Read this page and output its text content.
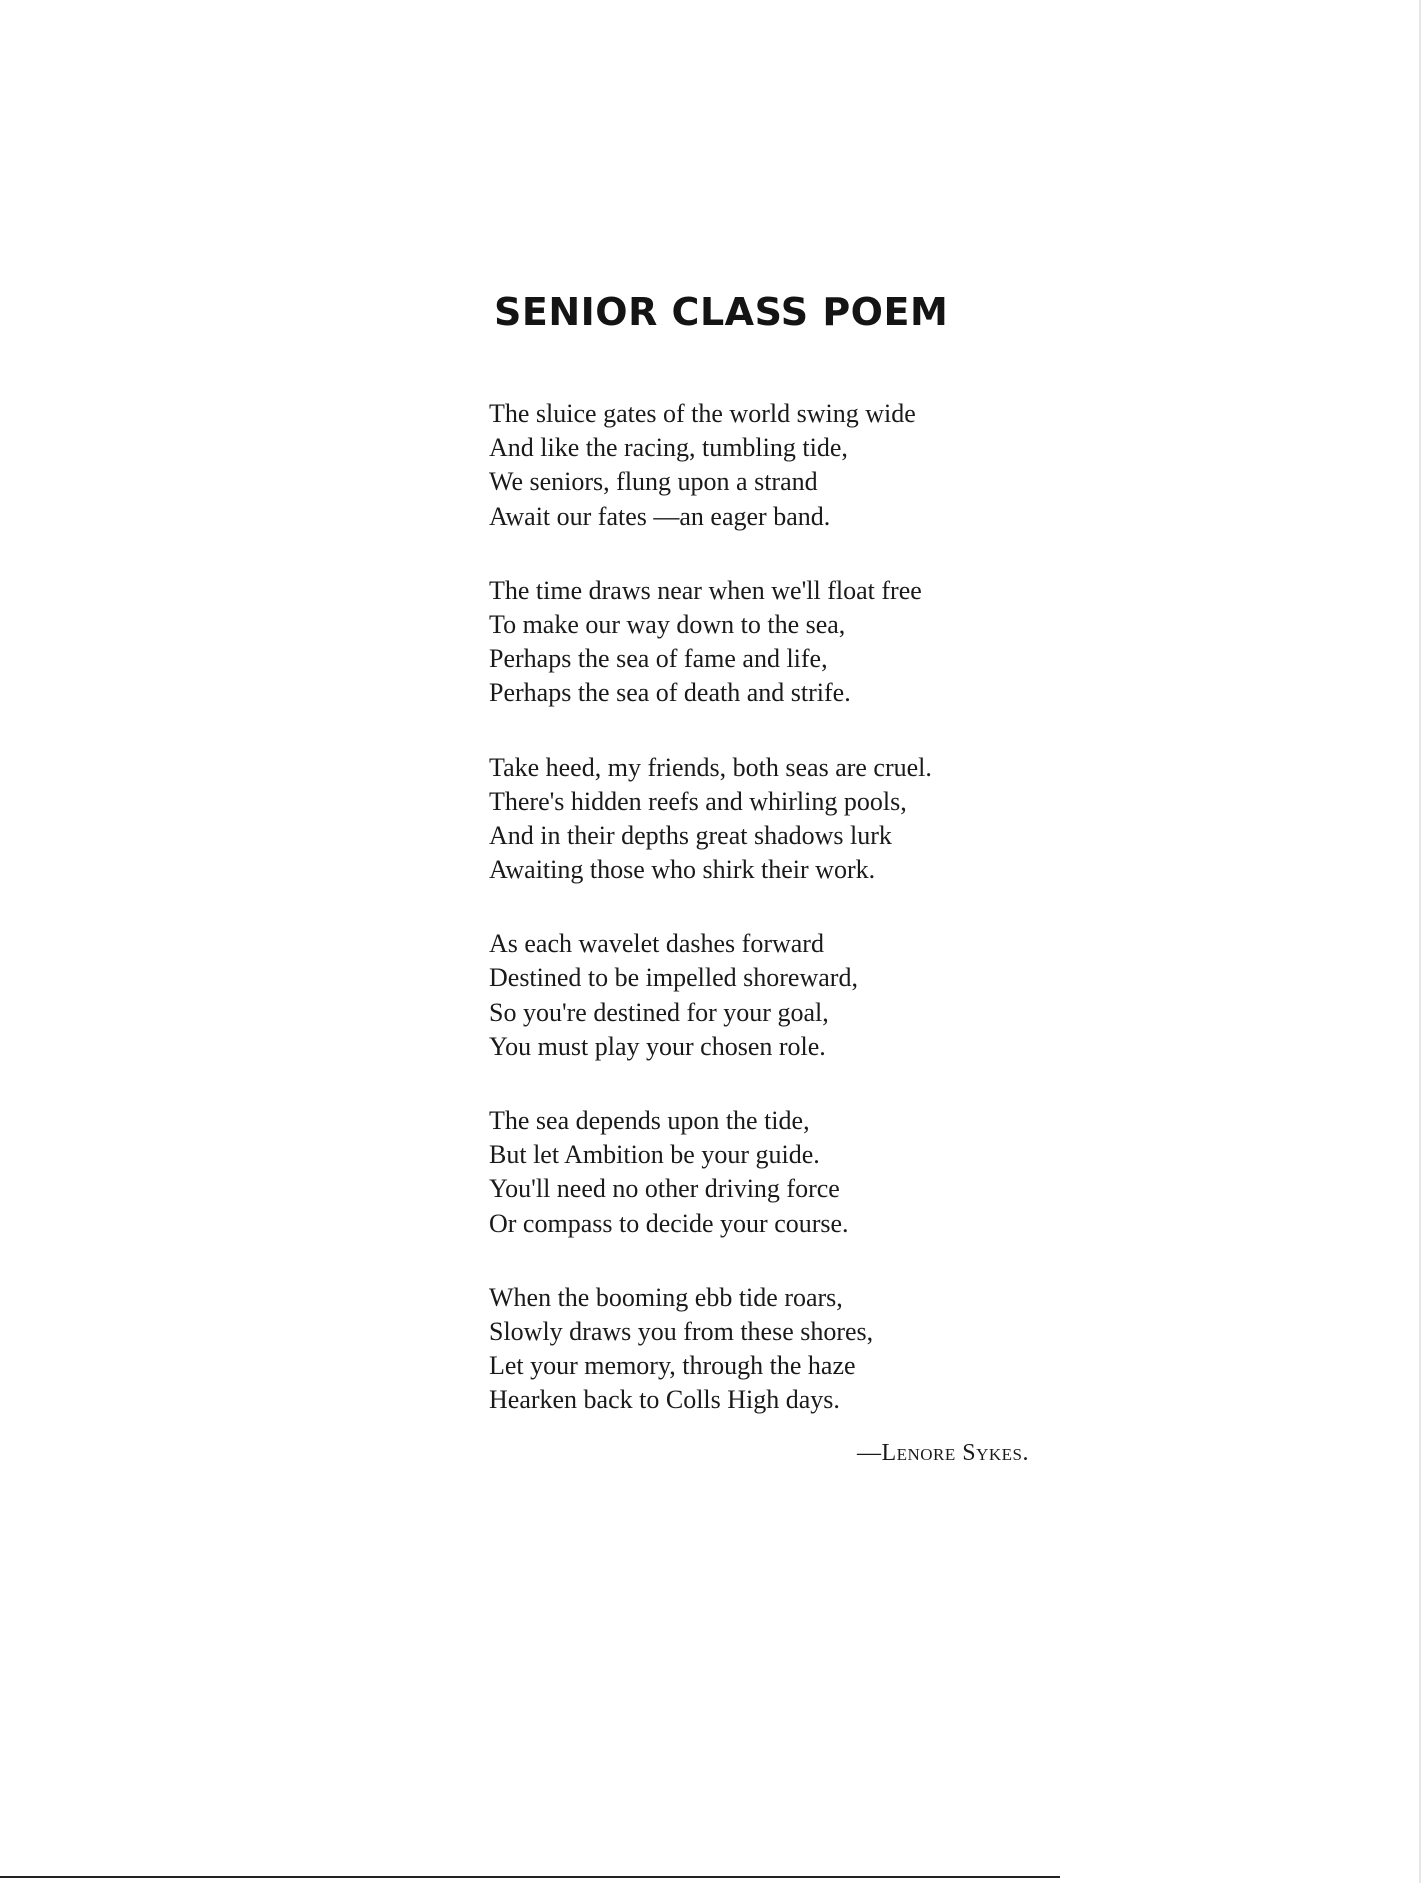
SENIOR CLASS POEM
The sluice gates of the world swing wide
And like the racing, tumbling tide,
We seniors, flung upon a strand
Await our fates —an eager band.
The time draws near when we'll float free
To make our way down to the sea,
Perhaps the sea of fame and life,
Perhaps the sea of death and strife.
Take heed, my friends, both seas are cruel.
There's hidden reefs and whirling pools,
And in their depths great shadows lurk
Awaiting those who shirk their work.
As each wavelet dashes forward
Destined to be impelled shoreward,
So you're destined for your goal,
You must play your chosen role.
The sea depends upon the tide,
But let Ambition be your guide.
You'll need no other driving force
Or compass to decide your course.
When the booming ebb tide roars,
Slowly draws you from these shores,
Let your memory, through the haze
Hearken back to Colls High days.
—Lenore Sykes.
